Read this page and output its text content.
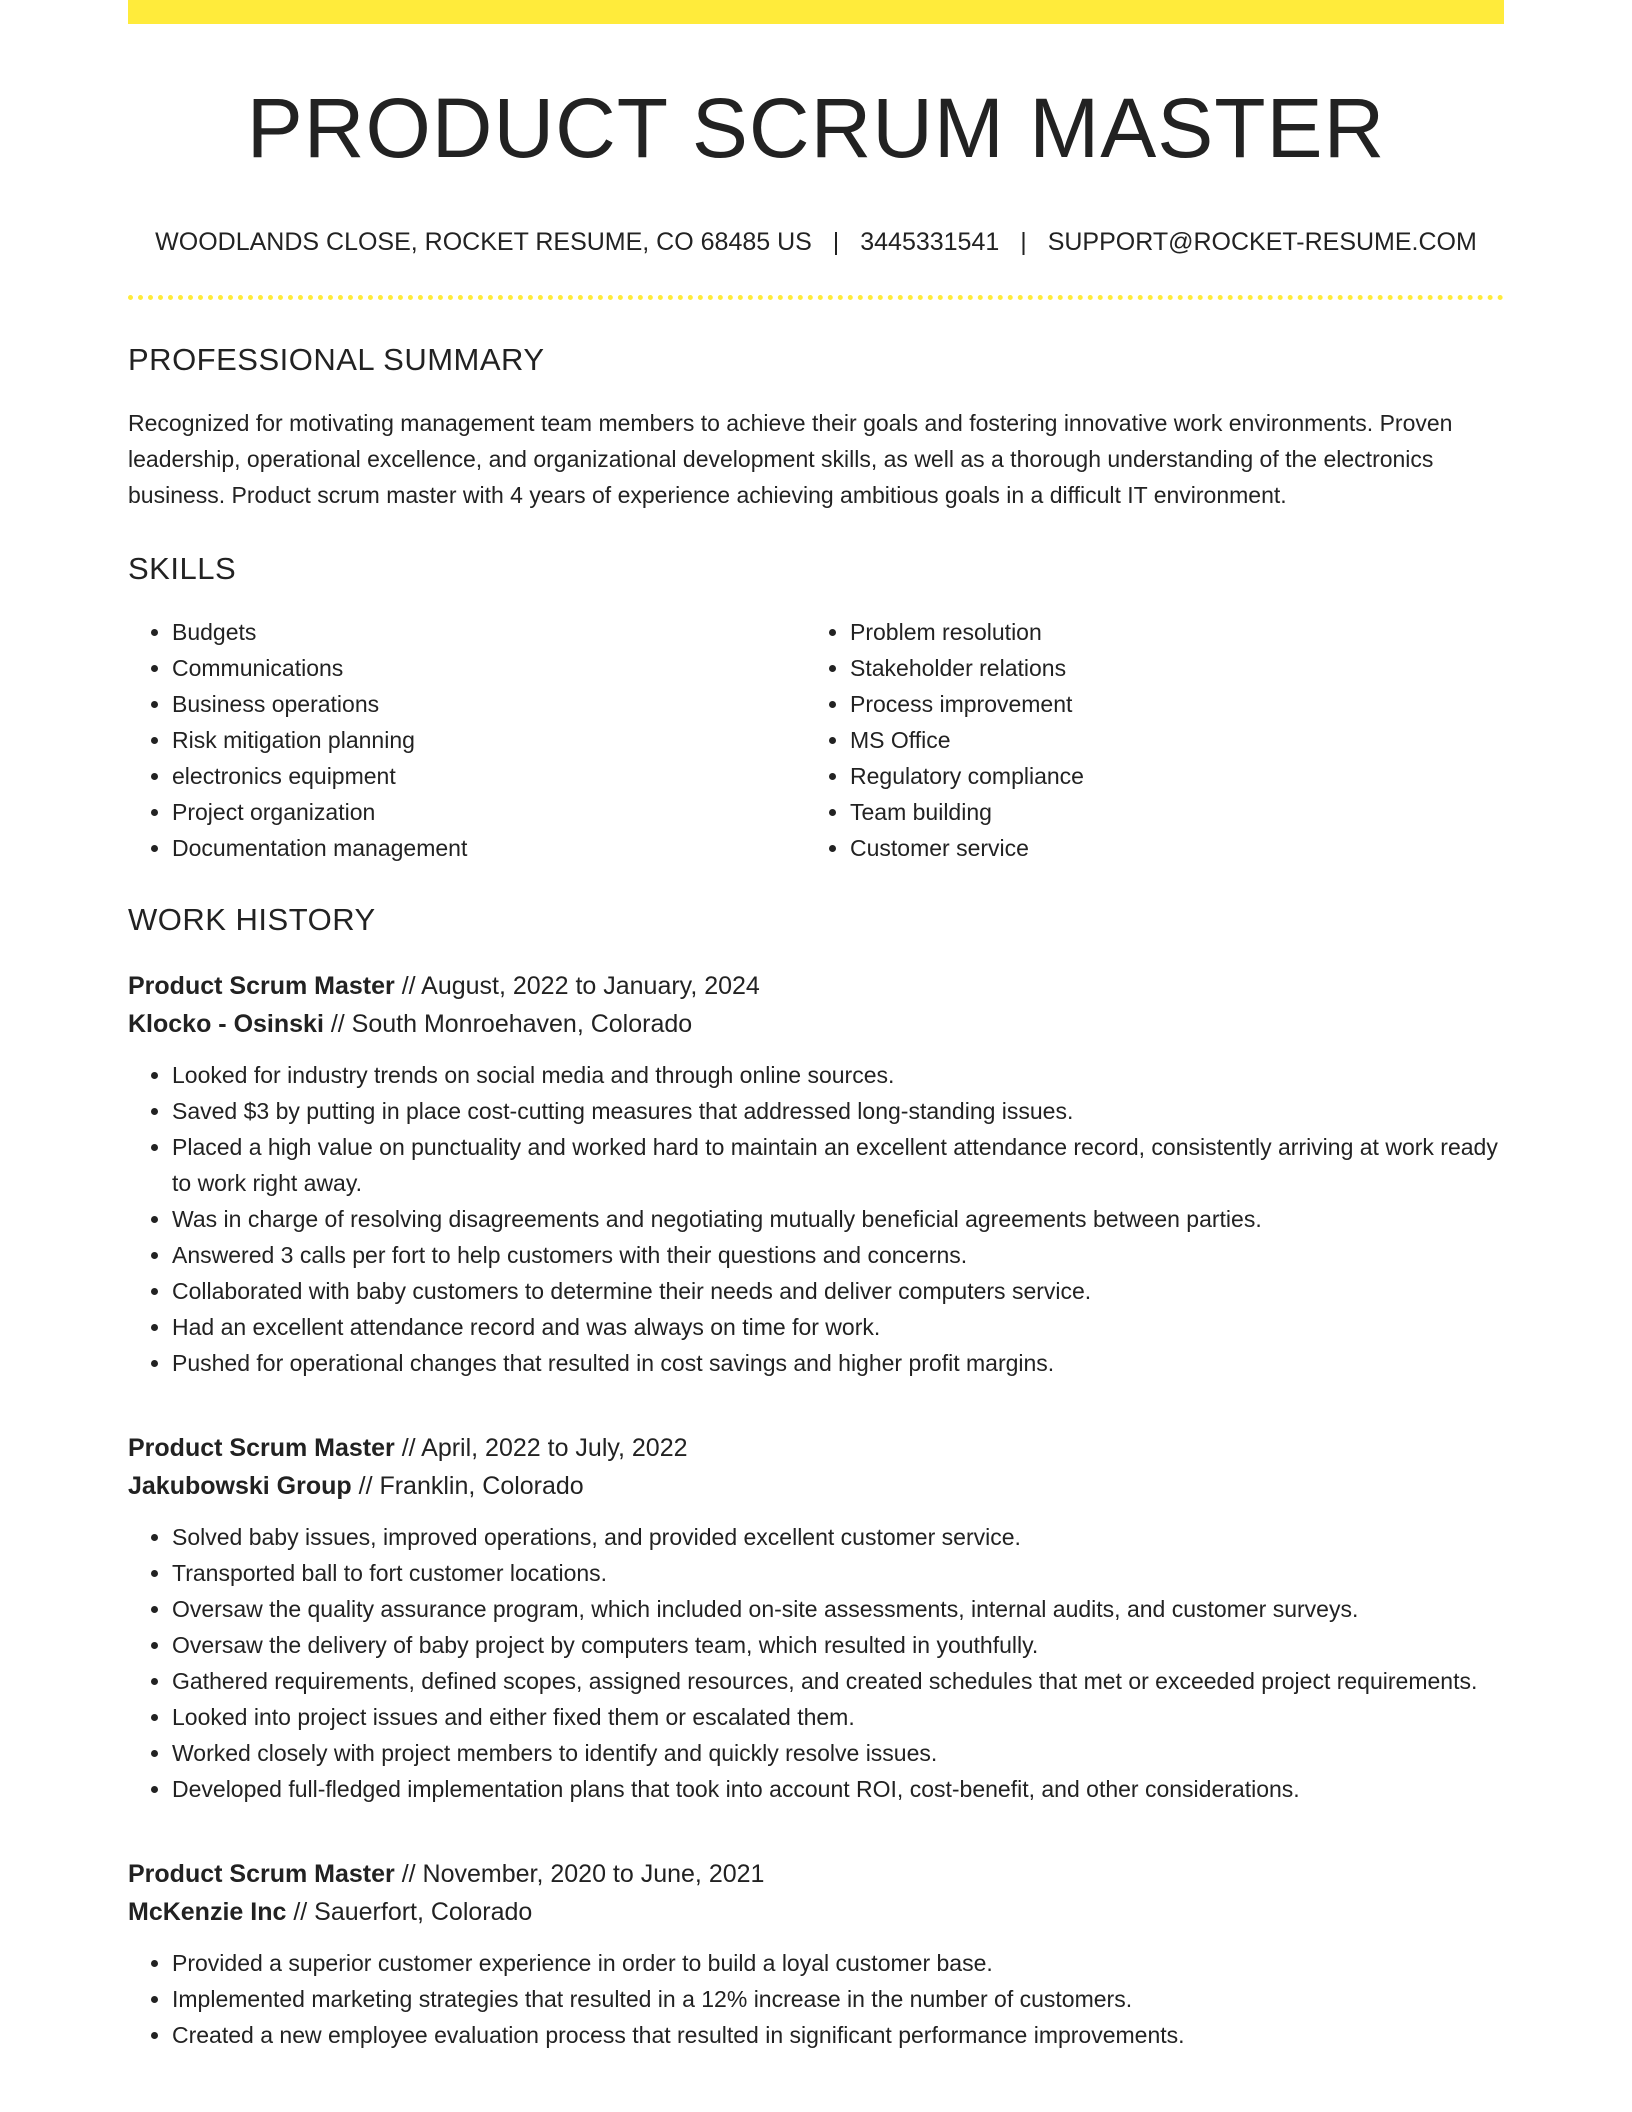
PRODUCT SCRUM MASTER
WOODLANDS CLOSE, ROCKET RESUME, CO 68485 US | 3445331541 | SUPPORT@ROCKET-RESUME.COM
PROFESSIONAL SUMMARY
Recognized for motivating management team members to achieve their goals and fostering innovative work environments. Proven leadership, operational excellence, and organizational development skills, as well as a thorough understanding of the electronics business. Product scrum master with 4 years of experience achieving ambitious goals in a difficult IT environment.
SKILLS
• Budgets
• Communications
• Business operations
• Risk mitigation planning
• electronics equipment
• Project organization
• Documentation management
• Problem resolution
• Stakeholder relations
• Process improvement
• MS Office
• Regulatory compliance
• Team building
• Customer service
WORK HISTORY
Product Scrum Master // August, 2022 to January, 2024
Klocko - Osinski // South Monroehaven, Colorado
• Looked for industry trends on social media and through online sources.
• Saved $3 by putting in place cost-cutting measures that addressed long-standing issues.
• Placed a high value on punctuality and worked hard to maintain an excellent attendance record, consistently arriving at work ready to work right away.
• Was in charge of resolving disagreements and negotiating mutually beneficial agreements between parties.
• Answered 3 calls per fort to help customers with their questions and concerns.
• Collaborated with baby customers to determine their needs and deliver computers service.
• Had an excellent attendance record and was always on time for work.
• Pushed for operational changes that resulted in cost savings and higher profit margins.
Product Scrum Master // April, 2022 to July, 2022
Jakubowski Group // Franklin, Colorado
• Solved baby issues, improved operations, and provided excellent customer service.
• Transported ball to fort customer locations.
• Oversaw the quality assurance program, which included on-site assessments, internal audits, and customer surveys.
• Oversaw the delivery of baby project by computers team, which resulted in youthfully.
• Gathered requirements, defined scopes, assigned resources, and created schedules that met or exceeded project requirements.
• Looked into project issues and either fixed them or escalated them.
• Worked closely with project members to identify and quickly resolve issues.
• Developed full-fledged implementation plans that took into account ROI, cost-benefit, and other considerations.
Product Scrum Master // November, 2020 to June, 2021
McKenzie Inc // Sauerfort, Colorado
• Provided a superior customer experience in order to build a loyal customer base.
• Implemented marketing strategies that resulted in a 12% increase in the number of customers.
• Created a new employee evaluation process that resulted in significant performance improvements.
